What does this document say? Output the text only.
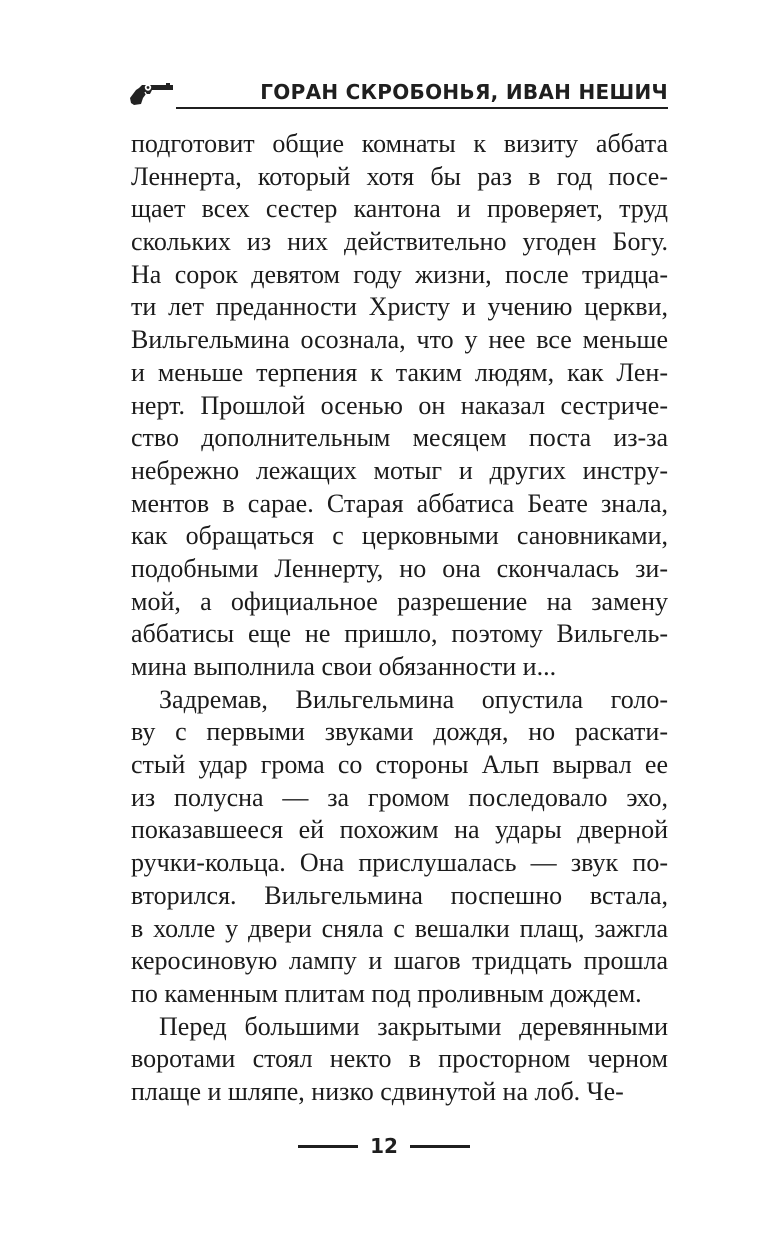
ГОРАН СКРОБОНЬЯ, ИВАН НЕШИЧ
подготовит общие комнаты к визиту аббата
Леннерта, который хотя бы раз в год посе-
щает всех сестер кантона и проверяет, труд
скольких из них действительно угоден Богу.
На сорок девятом году жизни, после тридца-
ти лет преданности Христу и учению церкви,
Вильгельмина осознала, что у нее все меньше
и меньше терпения к таким людям, как Лен-
нерт. Прошлой осенью он наказал сестриче-
ство дополнительным месяцем поста из-за
небрежно лежащих мотыг и других инстру-
ментов в сарае. Старая аббатиса Беате знала,
как обращаться с церковными сановниками,
подобными Леннерту, но она скончалась зи-
мой, а официальное разрешение на замену
аббатисы еще не пришло, поэтому Вильгель-
мина выполнила свои обязанности и...
Задремав, Вильгельмина опустила голо-
ву с первыми звуками дождя, но раскати-
стый удар грома со стороны Альп вырвал ее
из полусна — за громом последовало эхо,
показавшееся ей похожим на удары дверной
ручки-кольца. Она прислушалась — звук по-
вторился. Вильгельмина поспешно встала,
в холле у двери сняла с вешалки плащ, зажгла
керосиновую лампу и шагов тридцать прошла
по каменным плитам под проливным дождем.
Перед большими закрытыми деревянными
воротами стоял некто в просторном черном
плаще и шляпе, низко сдвинутой на лоб. Че-
12
